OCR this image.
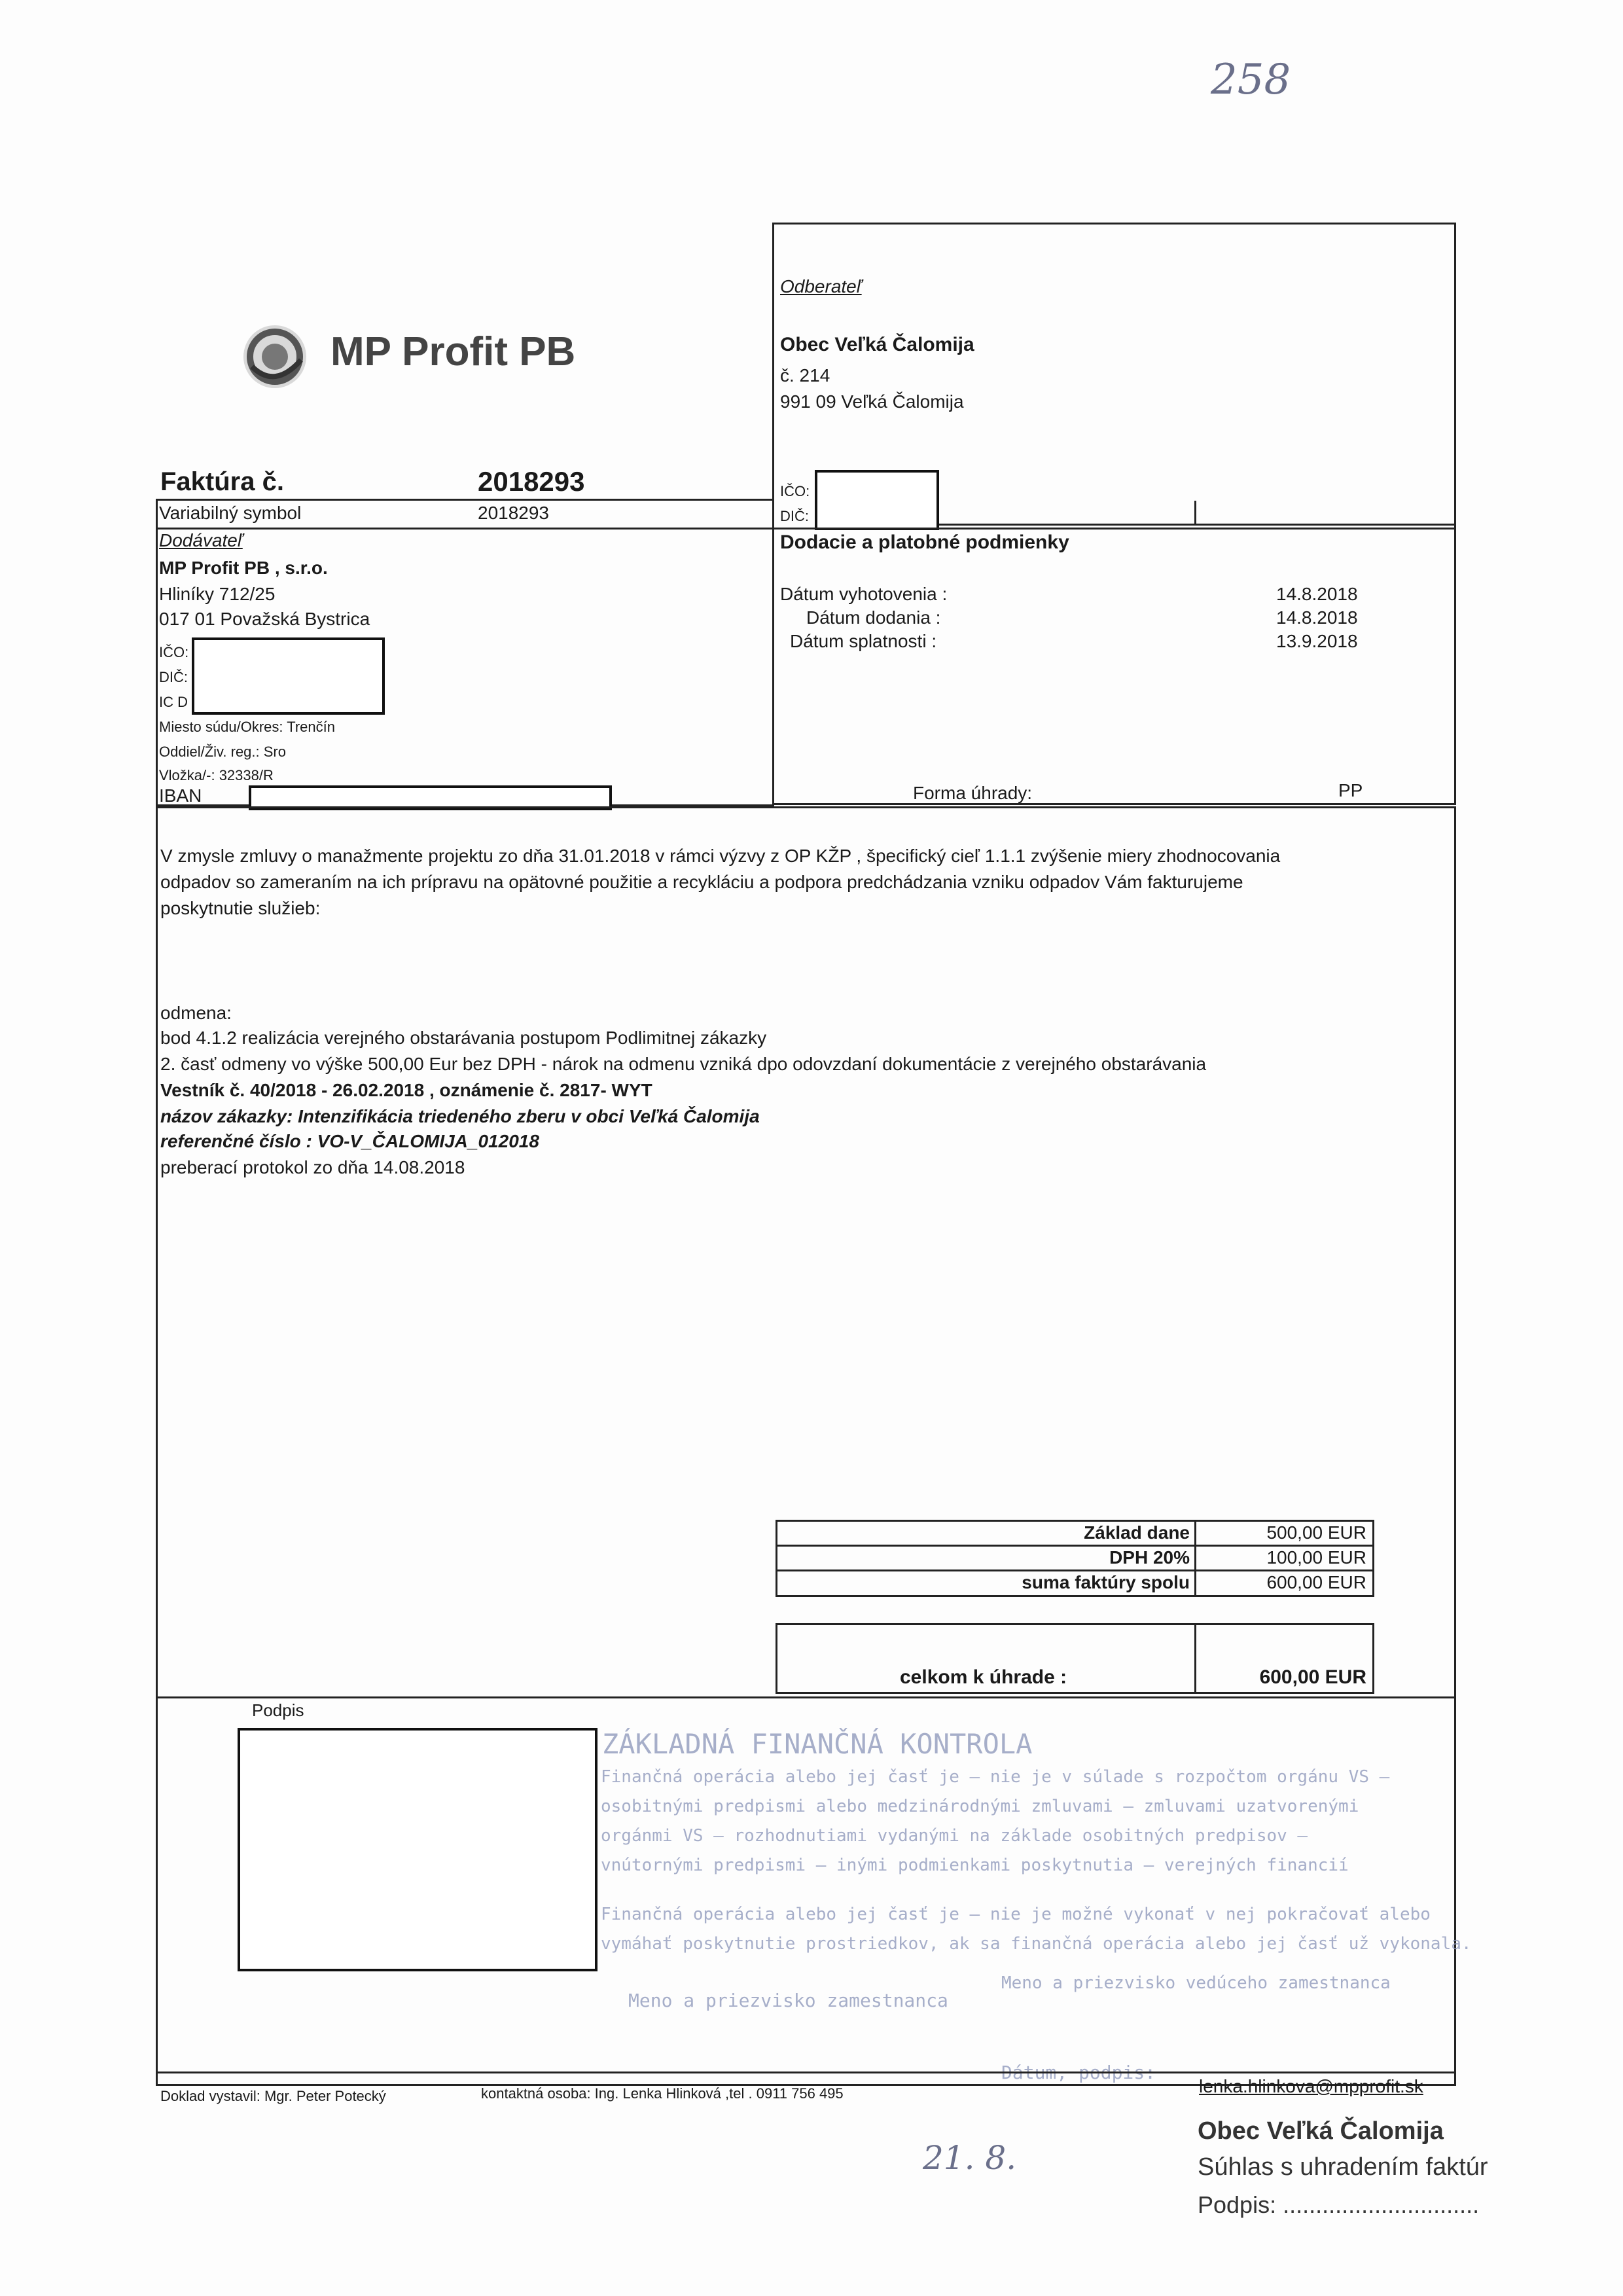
258
MP Profit PB
Odberateľ
Obec Veľká Čalomija
č. 214
991 09 Veľká Čalomija
IČO:
DIČ:
Dodacie a platobné podmienky
Dátum vyhotovenia :	14.8.2018
Dátum dodania :	14.8.2018
Dátum splatnosti :	13.9.2018
Forma úhrady:	PP
Faktúra č.	2018293
Variabilný symbol	2018293
Dodávateľ
MP Profit PB , s.r.o.
Hliníky 712/25
017 01 Považská Bystrica
IČO:
DIČ:
IC D
Miesto súdu/Okres: Trenčín
Oddiel/Živ. reg.: Sro
Vložka/-: 32338/R
IBAN
V zmysle zmluvy o manažmente projektu zo dňa 31.01.2018 v rámci výzvy z OP KŽP , špecifický cieľ 1.1.1 zvýšenie miery zhodnocovania
odpadov so zameraním na ich prípravu na opätovné použitie a recykláciu a podpora predchádzania vzniku odpadov Vám fakturujeme
poskytnutie služieb:
odmena:
bod 4.1.2 realizácia verejného obstarávania postupom Podlimitnej zákazky
2. časť odmeny vo výške 500,00 Eur bez DPH - nárok na odmenu vzniká dpo odovzdaní dokumentácie z verejného obstarávania
Vestník č. 40/2018 - 26.02.2018 , oznámenie č. 2817- WYT
názov zákazky: Intenzifikácia triedeného zberu v obci Veľká Čalomija
referenčné číslo : VO-V_ČALOMIJA_012018
preberací protokol zo dňa 14.08.2018
Základ dane	500,00 EUR
DPH 20%	100,00 EUR
suma faktúry spolu	600,00 EUR
celkom k úhrade :	600,00 EUR
Podpis
ZÁKLADNÁ FINANČNÁ KONTROLA
Finančná operácia alebo jej časť je – nie je v súlade s rozpočtom orgánu VS –
osobitnými predpismi alebo medzinárodnými zmluvami – zmluvami uzatvorenými
orgánmi VS – rozhodnutiami vydanými na základe osobitných predpisov –
vnútornými predpismi – inými podmienkami poskytnutia – verejných financií
Finančná operácia alebo jej časť je – nie je možné vykonať v nej pokračovať alebo
vymáhať poskytnutie prostriedkov, ak sa finančná operácia alebo jej časť už vykonala.
Meno a priezvisko zamestnanca
Meno a priezvisko vedúceho zamestnanca
Dátum, podpis:
Doklad vystavil: Mgr. Peter Potecký	kontaktná osoba: Ing. Lenka Hlinková ,tel . 0911 756 495	lenka.hlinkova@mpprofit.sk
Obec Veľká Čalomija
Súhlas s uhradením faktúr
Podpis: ..............................
21. 8.
